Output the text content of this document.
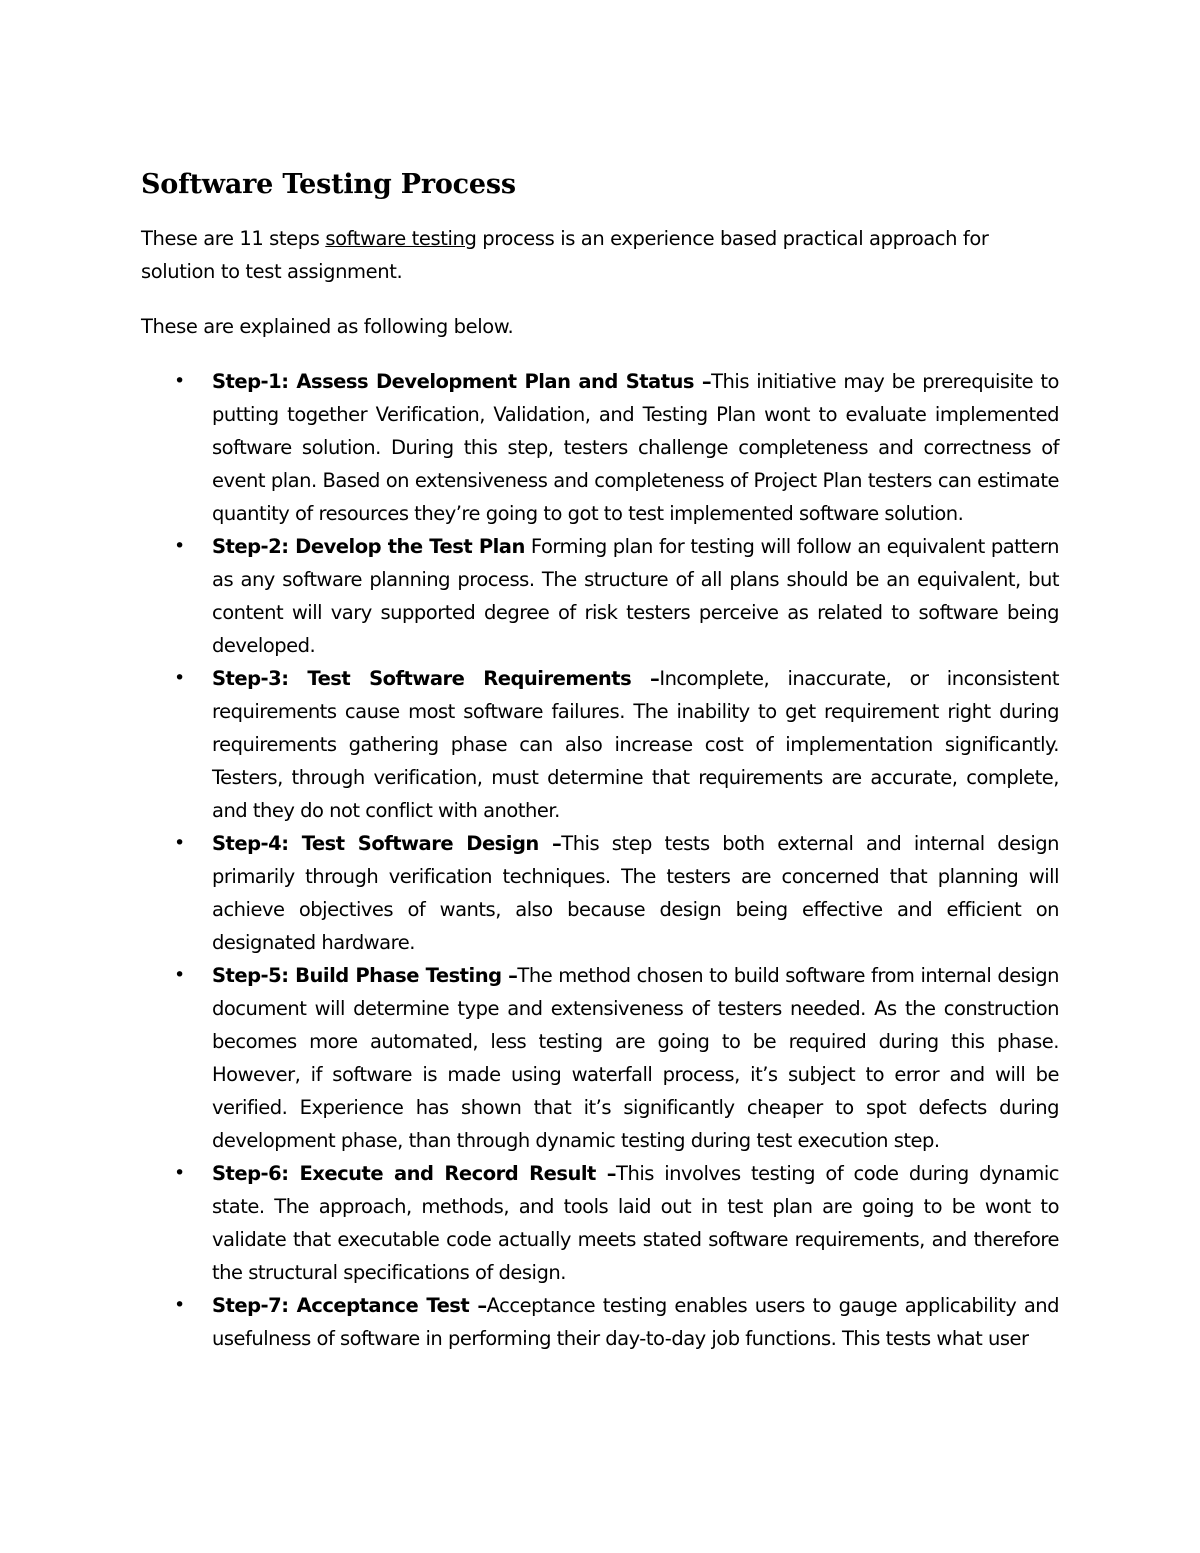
Software Testing Process

These are 11 steps software testing process is an experience based practical approach for solution to test assignment.

These are explained as following below.

• Step-1: Assess Development Plan and Status –This initiative may be prerequisite to putting together Verification, Validation, and Testing Plan wont to evaluate implemented software solution. During this step, testers challenge completeness and correctness of event plan. Based on extensiveness and completeness of Project Plan testers can estimate quantity of resources they’re going to got to test implemented software solution.
• Step-2: Develop the Test Plan Forming plan for testing will follow an equivalent pattern as any software planning process. The structure of all plans should be an equivalent, but content will vary supported degree of risk testers perceive as related to software being developed.
• Step-3: Test Software Requirements –Incomplete, inaccurate, or inconsistent requirements cause most software failures. The inability to get requirement right during requirements gathering phase can also increase cost of implementation significantly. Testers, through verification, must determine that requirements are accurate, complete, and they do not conflict with another.
• Step-4: Test Software Design –This step tests both external and internal design primarily through verification techniques. The testers are concerned that planning will achieve objectives of wants, also because design being effective and efficient on designated hardware.
• Step-5: Build Phase Testing –The method chosen to build software from internal design document will determine type and extensiveness of testers needed. As the construction becomes more automated, less testing are going to be required during this phase. However, if software is made using waterfall process, it’s subject to error and will be verified. Experience has shown that it’s significantly cheaper to spot defects during development phase, than through dynamic testing during test execution step.
• Step-6: Execute and Record Result –This involves testing of code during dynamic state. The approach, methods, and tools laid out in test plan are going to be wont to validate that executable code actually meets stated software requirements, and therefore the structural specifications of design.
• Step-7: Acceptance Test –Acceptance testing enables users to gauge applicability and usefulness of software in performing their day-to-day job functions. This tests what user
